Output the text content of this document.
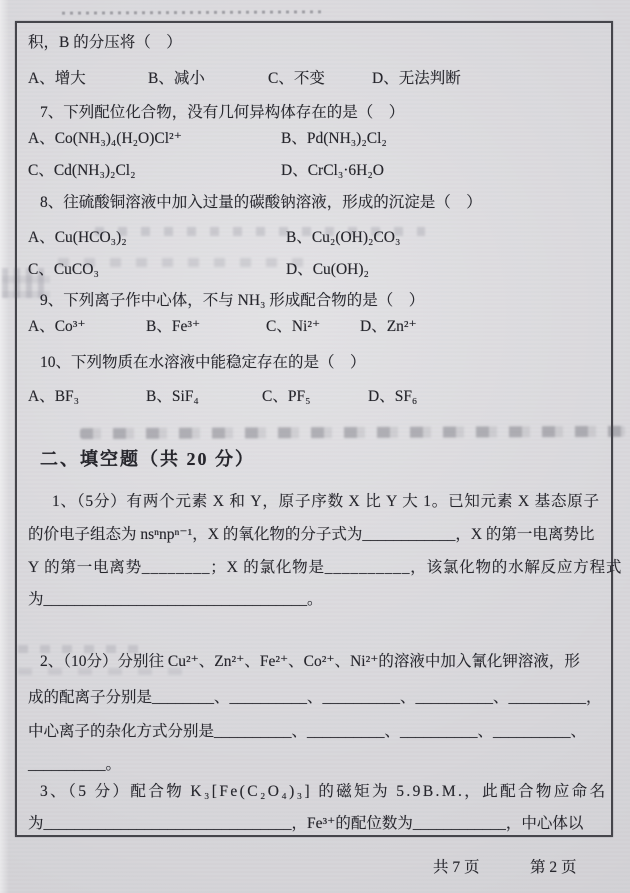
积，B 的分压将（　）
A、增大	B、减小	C、不变	D、无法判断
7、下列配位化合物，没有几何异构体存在的是（　）
A、Co(NH₃)₄(H₂O)Cl²⁺	B、Pd(NH₃)₂Cl₂
C、Cd(NH₃)₂Cl₂	D、CrCl₃·6H₂O
8、往硫酸铜溶液中加入过量的碳酸钠溶液，形成的沉淀是（　）
A、Cu(HCO₃)₂	B、Cu₂(OH)₂CO₃
C、CuCO₃	D、Cu(OH)₂
9、下列离子作中心体，不与 NH₃ 形成配合物的是（　）
A、Co³⁺	B、Fe³⁺	C、Ni²⁺	D、Zn²⁺
10、下列物质在水溶液中能稳定存在的是（　）
A、BF₃	B、SiF₄	C、PF₅	D、SF₆
二、填空题（共 20 分）
1、（5分）有两个元素 X 和 Y，原子序数 X 比 Y 大 1。已知元素 X 基态原子
的价电子组态为 nsⁿnpⁿ⁻¹，X 的氧化物的分子式为____________，X 的第一电离势比
Y 的第一电离势________；X 的氯化物是__________，该氯化物的水解反应方程式
为__________________________________。
2、（10分）分别往 Cu²⁺、Zn²⁺、Fe²⁺、Co²⁺、Ni²⁺的溶液中加入氰化钾溶液，形
成的配离子分别是________、__________、__________、__________、__________，
中心离子的杂化方式分别是__________、__________、__________、__________、
__________。
3、（5 分）配合物 K₃[Fe(C₂O₄)₃] 的磁矩为 5.9B.M.，此配合物应命名
为________________________________，Fe³⁺的配位数为____________，中心体以
共 7 页	第 2 页
